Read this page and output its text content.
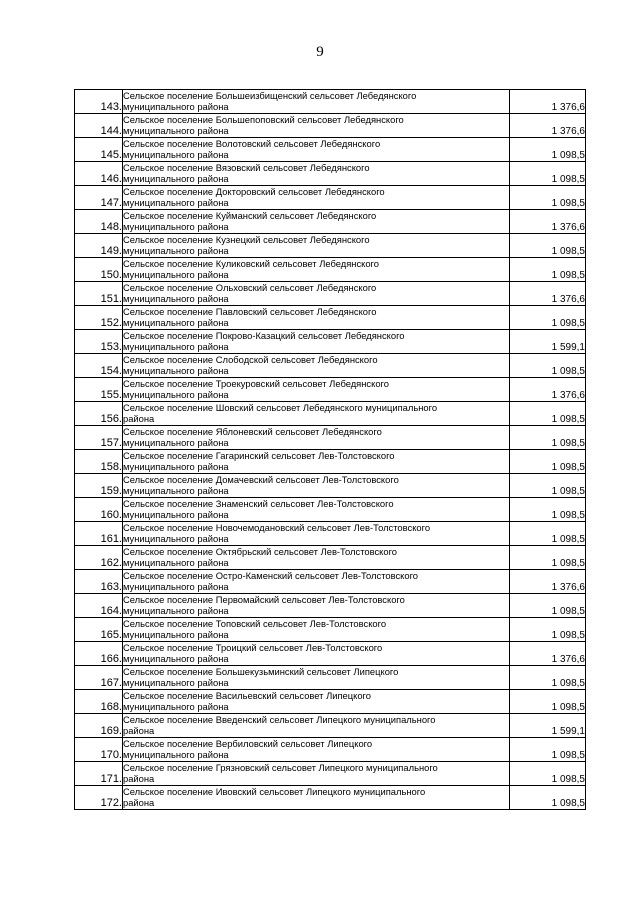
9
143.	Сельское поселение Большеизбищенский сельсовет Лебедянского
муниципального района	1 376,6
144.	Сельское поселение Большепоповский сельсовет Лебедянского
муниципального района	1 376,6
145.	Сельское поселение Волотовский сельсовет Лебедянского
муниципального района	1 098,5
146.	Сельское поселение Вязовский сельсовет Лебедянского
муниципального района	1 098,5
147.	Сельское поселение Докторовский сельсовет Лебедянского
муниципального района	1 098,5
148.	Сельское поселение Куйманский сельсовет Лебедянского
муниципального района	1 376,6
149.	Сельское поселение Кузнецкий сельсовет Лебедянского
муниципального района	1 098,5
150.	Сельское поселение Куликовский сельсовет Лебедянского
муниципального района	1 098,5
151.	Сельское поселение Ольховский сельсовет Лебедянского
муниципального района	1 376,6
152.	Сельское поселение Павловский сельсовет Лебедянского
муниципального района	1 098,5
153.	Сельское поселение Покрово-Казацкий сельсовет Лебедянского
муниципального района	1 599,1
154.	Сельское поселение Слободской сельсовет Лебедянского
муниципального района	1 098,5
155.	Сельское поселение Троекуровский сельсовет Лебедянского
муниципального района	1 376,6
156.	Сельское поселение Шовский сельсовет Лебедянского муниципального
района	1 098,5
157.	Сельское поселение Яблоневский сельсовет Лебедянского
муниципального района	1 098,5
158.	Сельское поселение Гагаринский сельсовет Лев-Толстовского
муниципального района	1 098,5
159.	Сельское поселение Домачевский сельсовет Лев-Толстовского
муниципального района	1 098,5
160.	Сельское поселение Знаменский сельсовет Лев-Толстовского
муниципального района	1 098,5
161.	Сельское поселение Новочемодановский сельсовет Лев-Толстовского
муниципального района	1 098,5
162.	Сельское поселение Октябрьский сельсовет Лев-Толстовского
муниципального района	1 098,5
163.	Сельское поселение Остро-Каменский сельсовет Лев-Толстовского
муниципального района	1 376,6
164.	Сельское поселение Первомайский сельсовет Лев-Толстовского
муниципального района	1 098,5
165.	Сельское поселение Топовский сельсовет Лев-Толстовского
муниципального района	1 098,5
166.	Сельское поселение Троицкий сельсовет Лев-Толстовского
муниципального района	1 376,6
167.	Сельское поселение Большекузьминский сельсовет Липецкого
муниципального района	1 098,5
168.	Сельское поселение Васильевский сельсовет Липецкого
муниципального района	1 098,5
169.	Сельское поселение Введенский сельсовет Липецкого муниципального
района	1 599,1
170.	Сельское поселение Вербиловский сельсовет Липецкого
муниципального района	1 098,5
171.	Сельское поселение Грязновский сельсовет Липецкого муниципального
района	1 098,5
172.	Сельское поселение Ивовский сельсовет Липецкого муниципального
района	1 098,5
